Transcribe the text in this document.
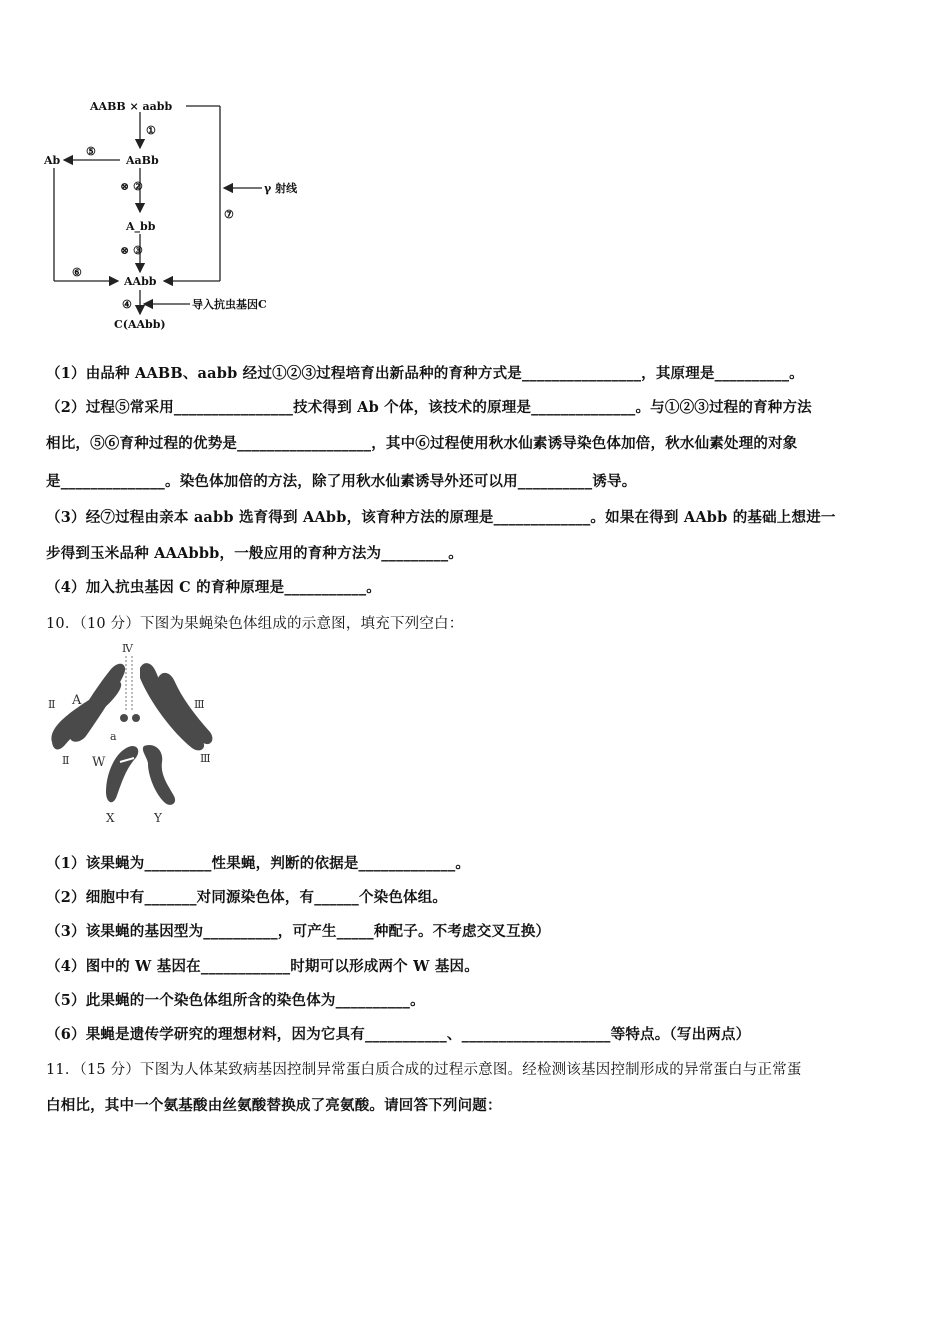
AABB × aabb
①
AaBb
Ab
⑤
⊗ ②	γ 射线
⑦
A_bb
⊗ ③
⑥
AAbb
④	导入抗虫基因C
C(AAbb)
（1）由品种 AABB、aabb 经过①②③过程培育出新品种的育种方式是________________，其原理是__________。
（2）过程⑤常采用________________技术得到 Ab 个体，该技术的原理是______________。与①②③过程的育种方法
相比，⑤⑥育种过程的优势是__________________，其中⑥过程使用秋水仙素诱导染色体加倍，秋水仙素处理的对象
是______________。染色体加倍的方法，除了用秋水仙素诱导外还可以用__________诱导。
（3）经⑦过程由亲本 aabb 选育得到 AAbb，该育种方法的原理是_____________。如果在得到 AAbb 的基础上想进一
步得到玉米品种 AAAbbb，一般应用的育种方法为_________。
（4）加入抗虫基因 C 的育种原理是___________。
10．（10 分）下图为果蝇染色体组成的示意图，填充下列空白：
Ⅳ
Ⅱ	Ⅲ
A
a
Ⅱ W	Ⅲ
X	Y
（1）该果蝇为_________性果蝇，判断的依据是_____________。
（2）细胞中有_______对同源染色体，有______个染色体组。
（3）该果蝇的基因型为__________，可产生_____种配子。不考虑交叉互换）
（4）图中的 W 基因在____________时期可以形成两个 W 基因。
（5）此果蝇的一个染色体组所含的染色体为__________。
（6）果蝇是遗传学研究的理想材料，因为它具有___________、____________________等特点。（写出两点）
11．（15 分）下图为人体某致病基因控制异常蛋白质合成的过程示意图。经检测该基因控制形成的异常蛋白与正常蛋
白相比，其中一个氨基酸由丝氨酸替换成了亮氨酸。请回答下列问题：
